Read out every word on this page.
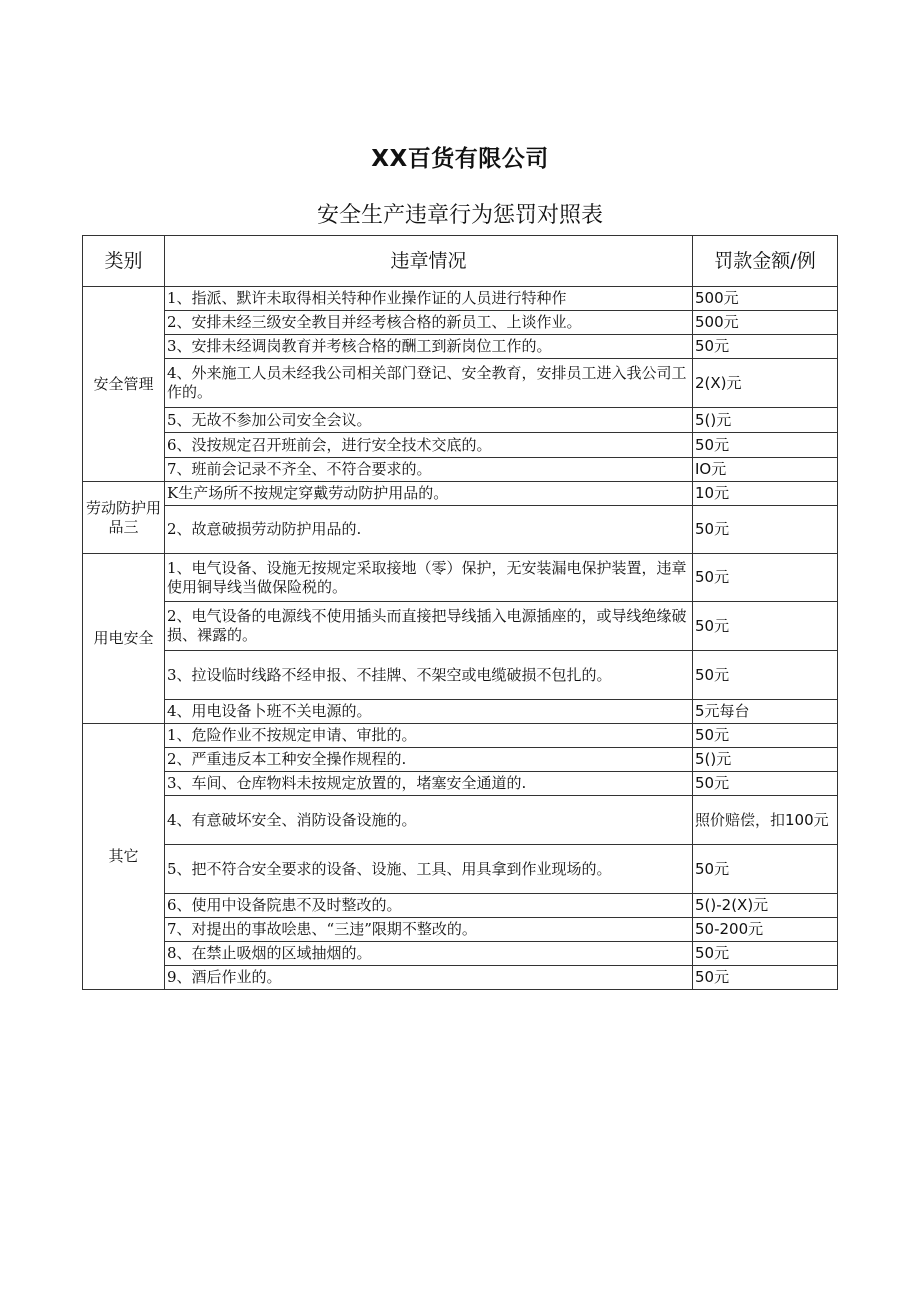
XX百货有限公司
安全生产违章行为惩罚对照表
类别	违章情况	罚款金额/例
安全管理	1、指派、默许未取得相关特种作业操作证的人员进行特种作	500元
	2、安排未经三级安全教目并经考核合格的新员工、上谈作业。	500元
	3、安排未经调岗教育并考核合格的酬工到新岗位工作的。	50元
	4、外来施工人员未经我公司相关部门登记、安全教育，安排员工进入我公司工作的。	2(X)元
	5、无故不参加公司安全会议。	5()元
	6、没按规定召开班前会，进行安全技术交底的。	50元
	7、班前会记录不齐全、不符合要求的。	IO元
劳动防护用品三	K生产场所不按规定穿戴劳动防护用品的。	10元
	2、故意破损劳动防护用品的.	50元
用电安全	1、电气设备、设施无按规定采取接地（零）保护，无安装漏电保护装置，违章使用铜导线当做保险税的。	50元
	2、电气设备的电源线不使用插头而直接把导线插入电源插座的，或导线绝缘破损、裸露的。	50元
	3、拉设临时线路不经申报、不挂牌、不架空或电缆破损不包扎的。	50元
	4、用电设备卜班不关电源的。	5元每台
其它	1、危险作业不按规定申请、审批的。	50元
	2、严重违反本工种安全操作规程的.	5()元
	3、车间、仓库物料未按规定放置的，堵塞安全通道的.	50元
	4、有意破坏安全、消防设备设施的。	照价赔偿，扣100元
	5、把不符合安全要求的设备、设施、工具、用具拿到作业现场的。	50元
	6、使用中设备院患不及时整改的。	5()-2(X)元
	7、对提出的事故哙患、“三违”限期不整改的。	50-200元
	8、在禁止吸烟的区域抽烟的。	50元
	9、酒后作业的。	50元
